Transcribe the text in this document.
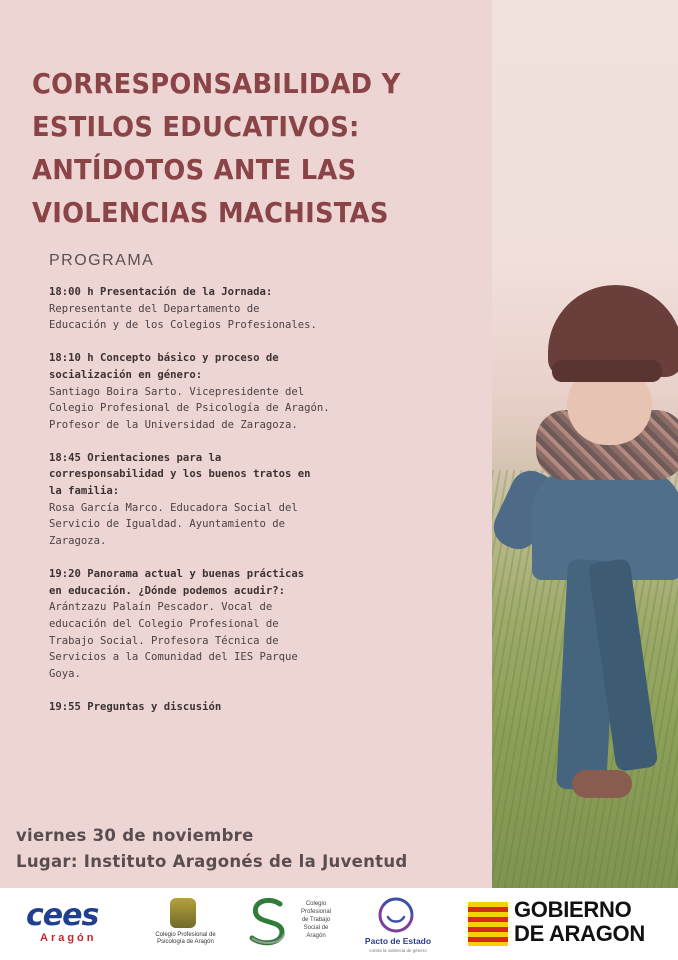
CORRESPONSABILIDAD Y
ESTILOS EDUCATIVOS:
ANTÍDOTOS ANTE LAS
VIOLENCIAS MACHISTAS
PROGRAMA

18:00 h Presentación de la Jornada:
Representante del Departamento de
Educación y de los Colegios Profesionales.

18:10 h Concepto básico y proceso de
socialización en género:
Santiago Boira Sarto. Vicepresidente del
Colegio Profesional de Psicología de Aragón.
Profesor de la Universidad de Zaragoza.

18:45 Orientaciones para la
corresponsabilidad y los buenos tratos en
la familia:
Rosa García Marco. Educadora Social del
Servicio de Igualdad. Ayuntamiento de
Zaragoza.

19:20 Panorama actual y buenas prácticas
en educación. ¿Dónde podemos acudir?:
Arántzazu Palaín Pescador. Vocal de
educación del Colegio Profesional de
Trabajo Social. Profesora Técnica de
Servicios a la Comunidad del IES Parque
Goya.

19:55 Preguntas y discusión

viernes 30 de noviembre
Lugar: Instituto Aragonés de la Juventud
cees
Aragón	Colegio Profesional de
Psicología de Aragón
Colegio Profesional
de Trabajo
Social de
Aragón	Pacto de Estado
contra la violencia de género
GOBIERNO
DE ARAGON
